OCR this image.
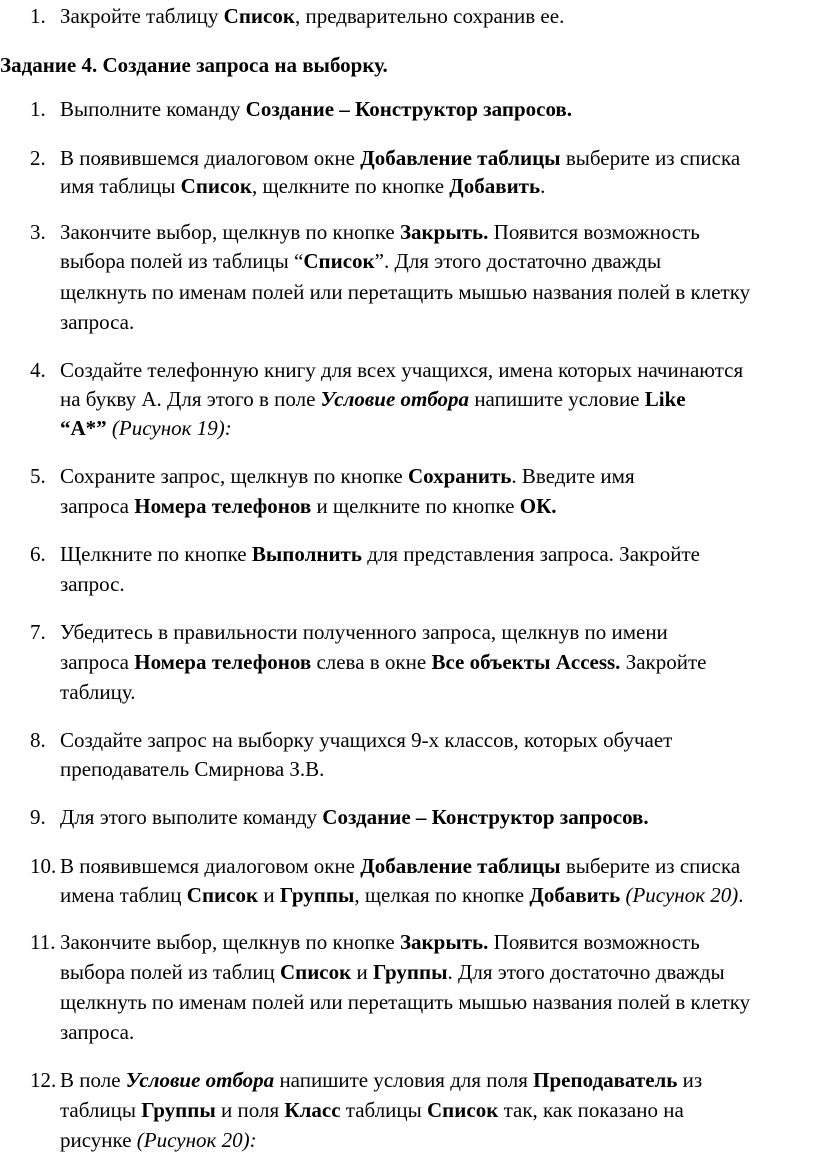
1. Закройте таблицу Список, предварительно сохранив ее.
Задание 4. Создание запроса на выборку.
1. Выполните команду Создание – Конструктор запросов.
2. В появившемся диалоговом окне Добавление таблицы выберите из списка
имя таблицы Список, щелкните по кнопке Добавить.
3. Закончите выбор, щелкнув по кнопке Закрыть. Появится возможность
выбора полей из таблицы “Список”. Для этого достаточно дважды
щелкнуть по именам полей или перетащить мышью названия полей в клетку
запроса.
4. Создайте телефонную книгу для всех учащихся, имена которых начинаются
на букву А. Для этого в поле Условие отбора напишите условие Like
“А*” (Рисунок 19):
5. Сохраните запрос, щелкнув по кнопке Сохранить. Введите имя
запроса Номера телефонов и щелкните по кнопке ОК.
6. Щелкните по кнопке Выполнить для представления запроса. Закройте
запрос.
7. Убедитесь в правильности полученного запроса, щелкнув по имени
запроса Номера телефонов слева в окне Все объекты Access. Закройте
таблицу.
8. Создайте запрос на выборку учащихся 9-х классов, которых обучает
преподаватель Смирнова З.В.
9. Для этого выполите команду Создание – Конструктор запросов.
10. В появившемся диалоговом окне Добавление таблицы выберите из списка
имена таблиц Список и Группы, щелкая по кнопке Добавить (Рисунок 20).
11. Закончите выбор, щелкнув по кнопке Закрыть. Появится возможность
выбора полей из таблиц Список и Группы. Для этого достаточно дважды
щелкнуть по именам полей или перетащить мышью названия полей в клетку
запроса.
12. В поле Условие отбора напишите условия для поля Преподаватель из
таблицы Группы и поля Класс таблицы Список так, как показано на
рисунке (Рисунок 20):
